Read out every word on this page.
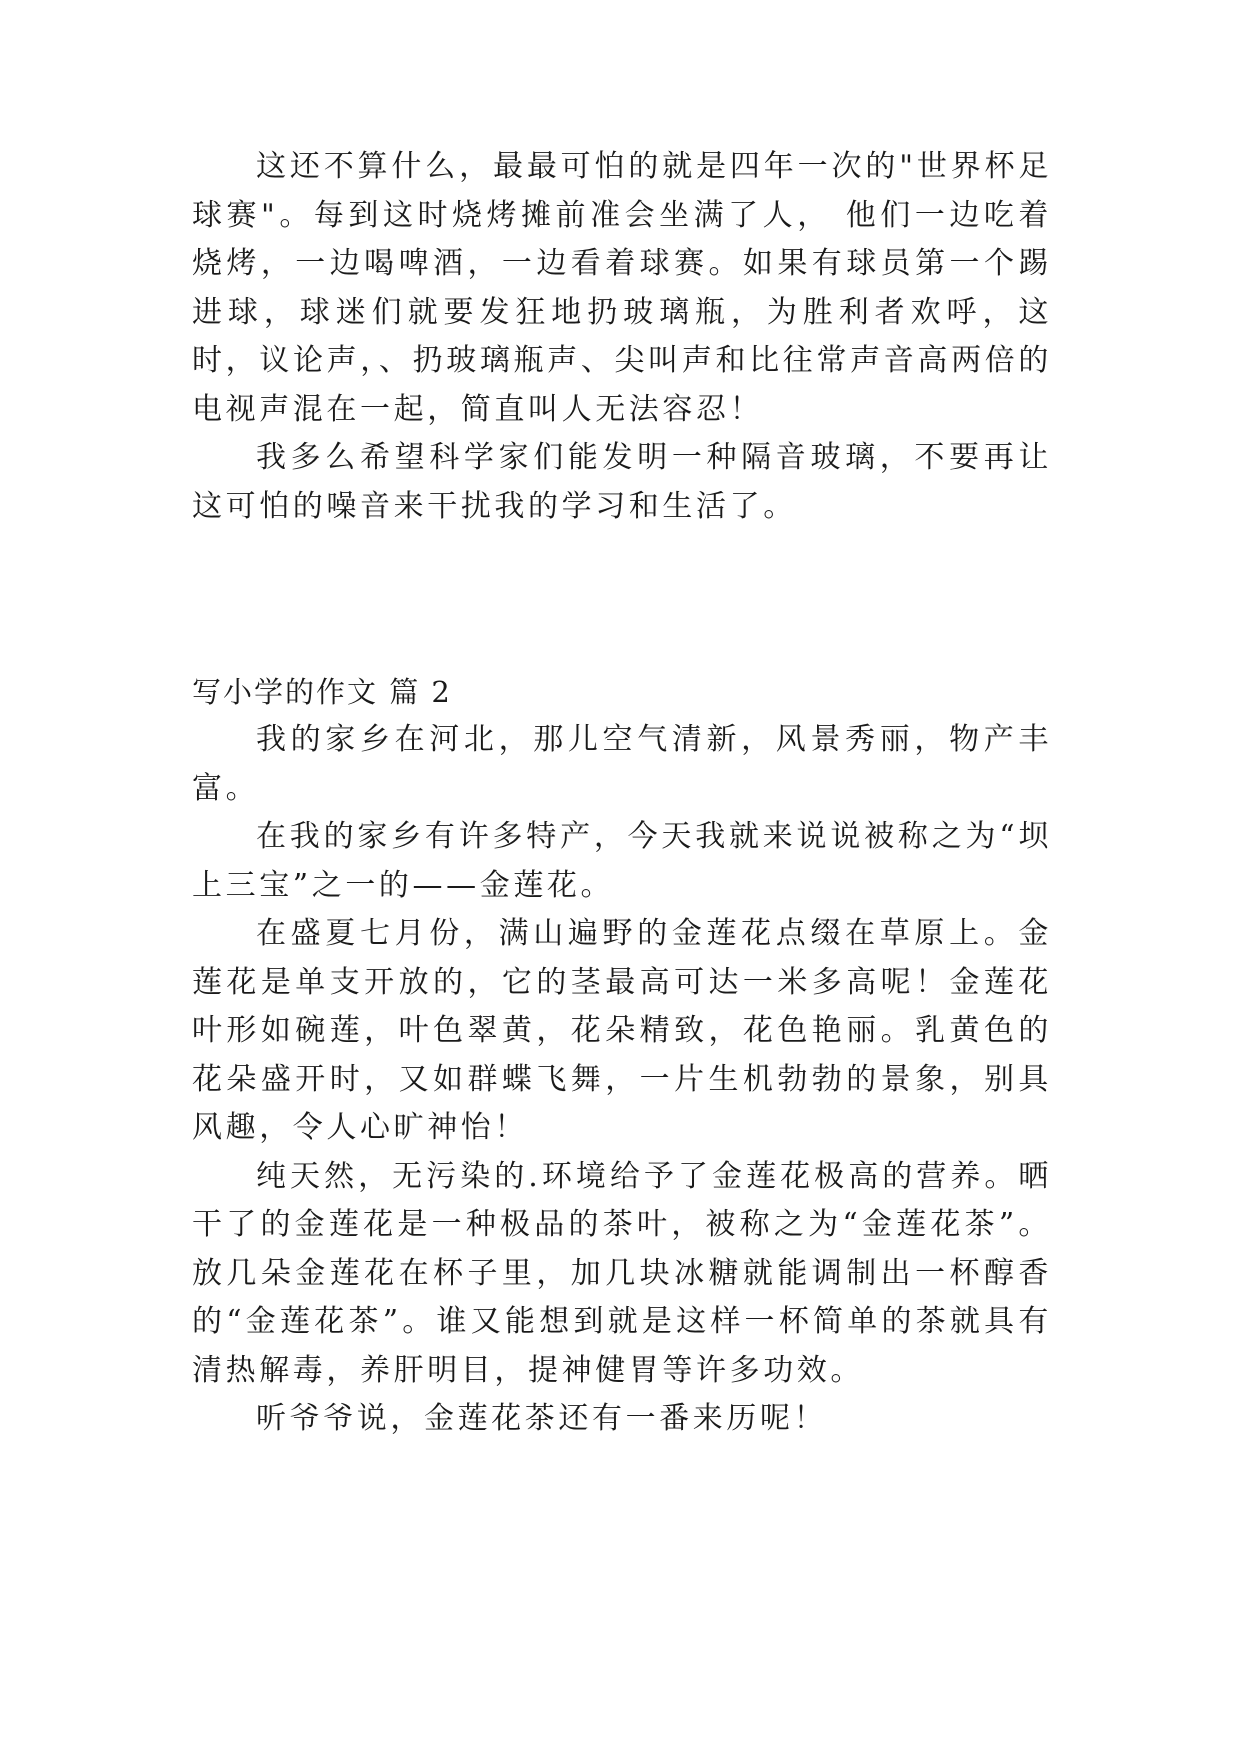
这还不算什么，最最可怕的就是四年一次的"世界杯足球赛"。每到这时烧烤摊前准会坐满了人， 他们一边吃着烧烤，一边喝啤酒，一边看着球赛。如果有球员第一个踢进球，球迷们就要发狂地扔玻璃瓶，为胜利者欢呼，这时，议论声，、扔玻璃瓶声、尖叫声和比往常声音高两倍的电视声混在一起，简直叫人无法容忍！

我多么希望科学家们能发明一种隔音玻璃，不要再让这可怕的噪音来干扰我的学习和生活了。

写小学的作文 篇 2

我的家乡在河北，那儿空气清新，风景秀丽，物产丰富。

在我的家乡有许多特产，今天我就来说说被称之为“坝上三宝”之一的——金莲花。

在盛夏七月份，满山遍野的金莲花点缀在草原上。金莲花是单支开放的，它的茎最高可达一米多高呢！金莲花叶形如碗莲，叶色翠黄，花朵精致，花色艳丽。乳黄色的花朵盛开时，又如群蝶飞舞，一片生机勃勃的景象，别具风趣，令人心旷神怡！

纯天然，无污染的.环境给予了金莲花极高的营养。晒干了的金莲花是一种极品的茶叶，被称之为“金莲花茶”。放几朵金莲花在杯子里，加几块冰糖就能调制出一杯醇香的“金莲花茶”。谁又能想到就是这样一杯简单的茶就具有清热解毒，养肝明目，提神健胃等许多功效。

听爷爷说，金莲花茶还有一番来历呢！
